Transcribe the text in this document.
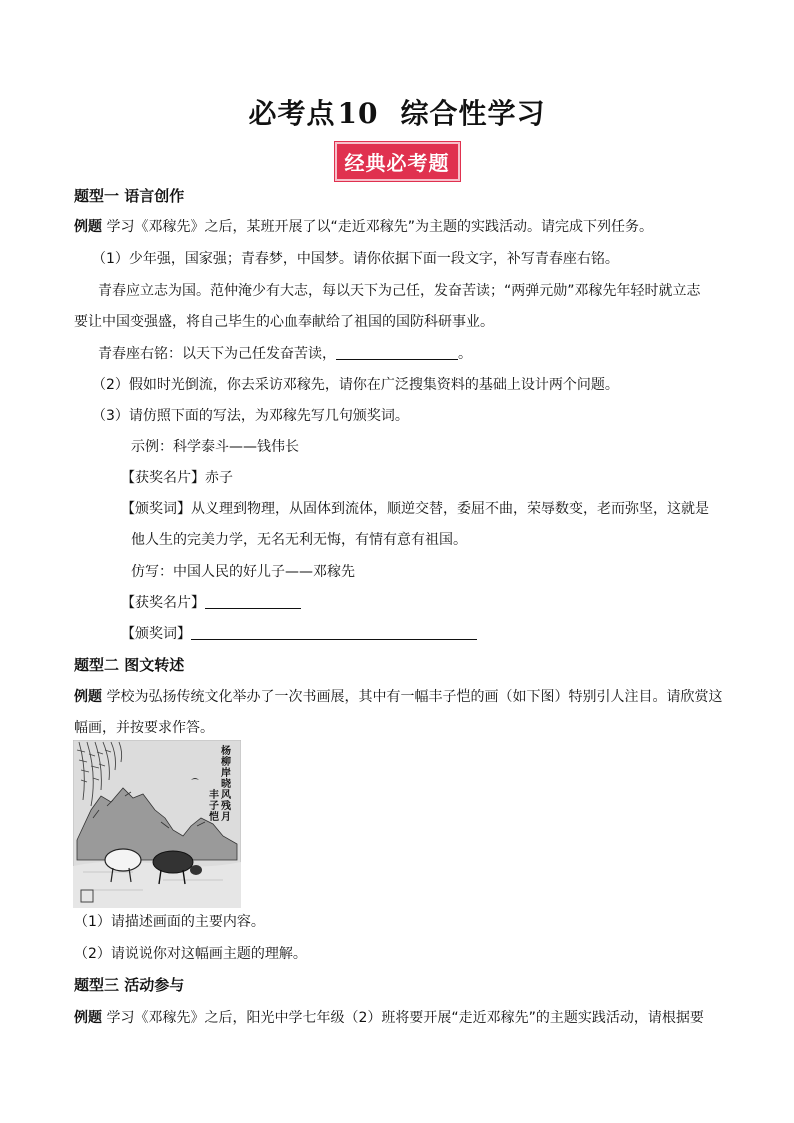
必考点10 综合性学习
经典必考题
题型一 语言创作
例题 学习《邓稼先》之后，某班开展了以“走近邓稼先”为主题的实践活动。请完成下列任务。
（1）少年强，国家强；青春梦，中国梦。请你依据下面一段文字，补写青春座右铭。
青春应立志为国。范仲淹少有大志，每以天下为己任，发奋苦读；“两弹元勋”邓稼先年轻时就立志
要让中国变强盛，将自己毕生的心血奉献给了祖国的国防科研事业。
青春座右铭：以天下为己任发奋苦读，	。
（2）假如时光倒流，你去采访邓稼先，请你在广泛搜集资料的基础上设计两个问题。
（3）请仿照下面的写法，为邓稼先写几句颁奖词。
示例：科学泰斗——钱伟长
【获奖名片】赤子
【颁奖词】从义理到物理，从固体到流体，顺逆交替，委屈不曲，荣辱数变，老而弥坚，这就是
他人生的完美力学，无名无利无悔，有情有意有祖国。
仿写：中国人民的好儿子——邓稼先
【获奖名片】
【颁奖词】
题型二 图文转述
例题 学校为弘扬传统文化举办了一次书画展，其中有一幅丰子恺的画（如下图）特别引人注目。请欣赏这
幅画，并按要求作答。
杨柳岸晓风残月 丰子恺
（1）请描述画面的主要内容。
（2）请说说你对这幅画主题的理解。
题型三 活动参与
例题 学习《邓稼先》之后，阳光中学七年级（2）班将要开展“走近邓稼先”的主题实践活动，请根据要
